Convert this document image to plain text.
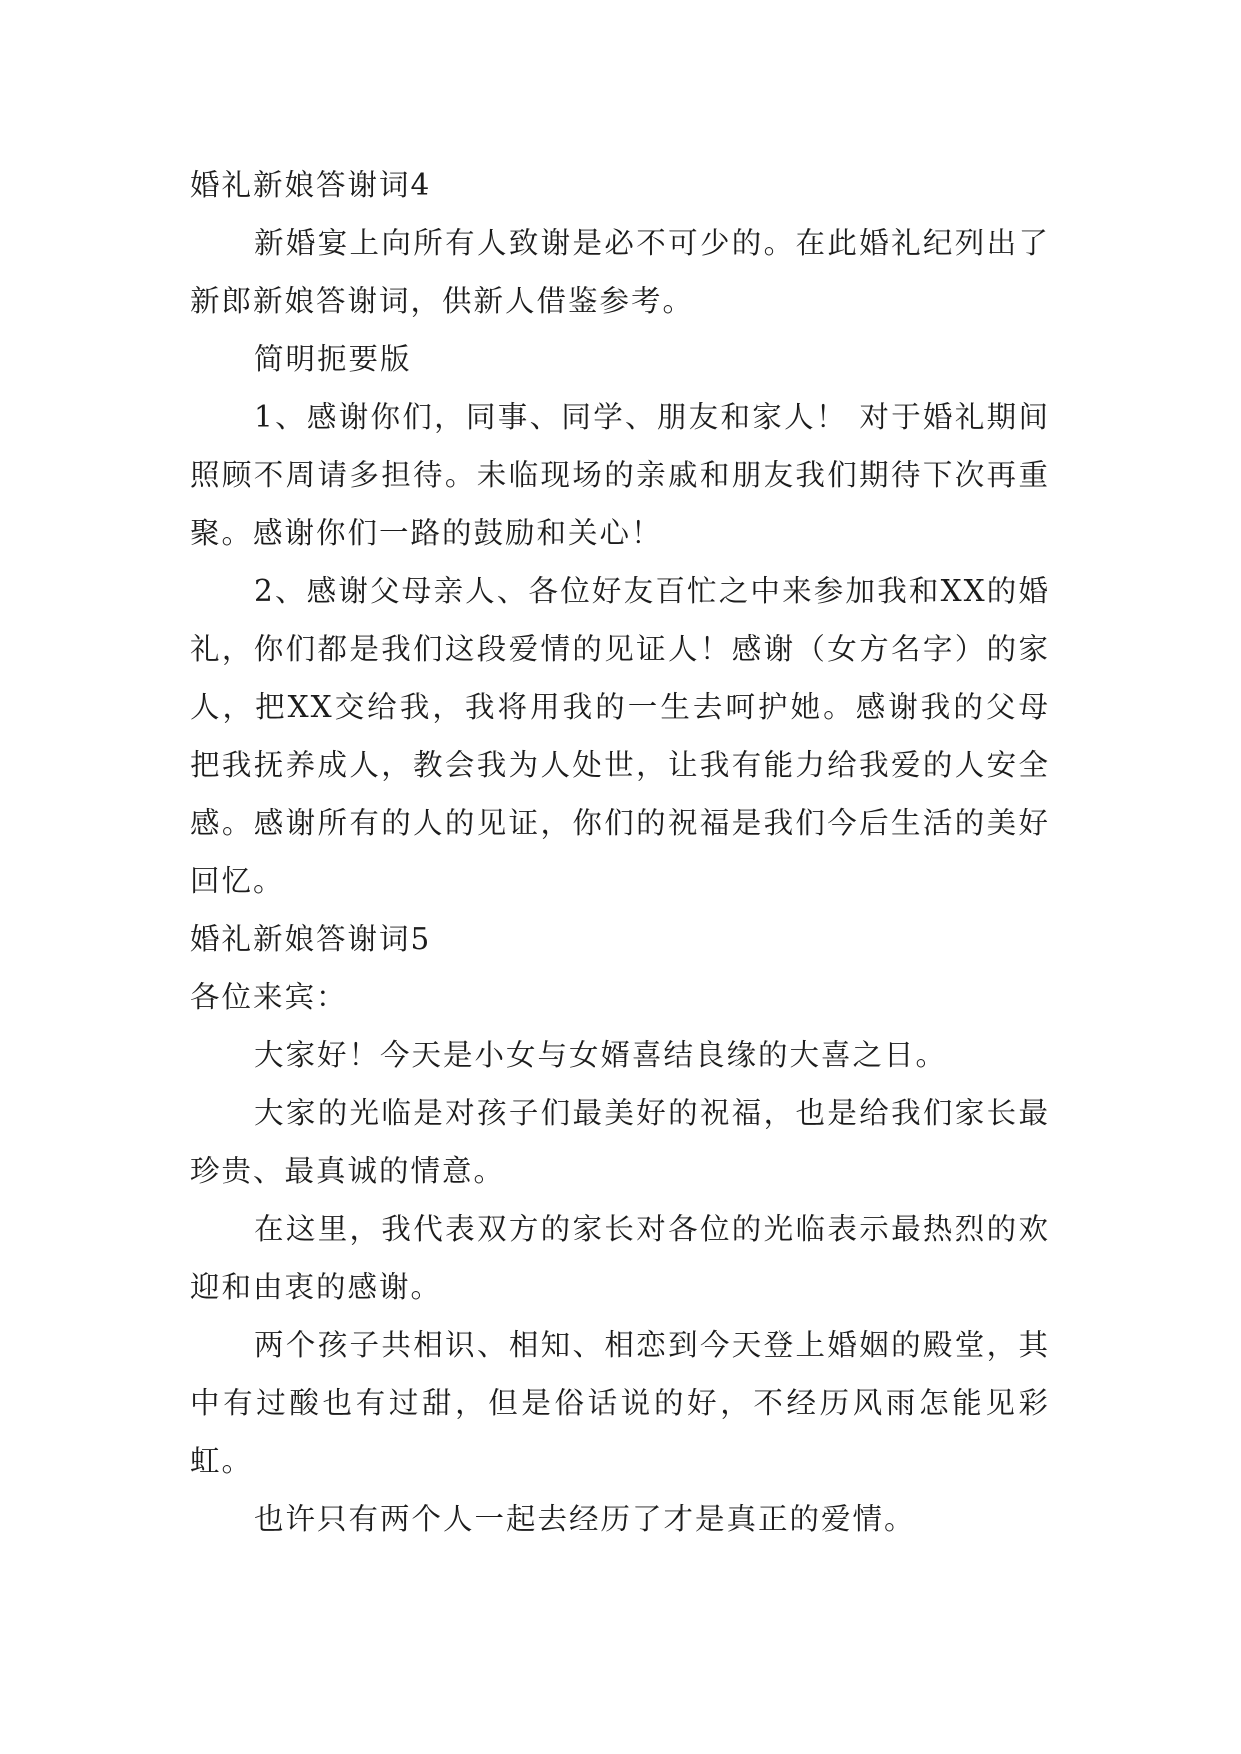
婚礼新娘答谢词4

新婚宴上向所有人致谢是必不可少的。在此婚礼纪列出了新郎新娘答谢词，供新人借鉴参考。

简明扼要版

1、感谢你们，同事、同学、朋友和家人！ 对于婚礼期间照顾不周请多担待。未临现场的亲戚和朋友我们期待下次再重聚。感谢你们一路的鼓励和关心！

2、感谢父母亲人、各位好友百忙之中来参加我和XX的婚礼，你们都是我们这段爱情的见证人！感谢（女方名字）的家人，把XX交给我，我将用我的一生去呵护她。感谢我的父母把我抚养成人，教会我为人处世，让我有能力给我爱的人安全感。感谢所有的人的见证，你们的祝福是我们今后生活的美好回忆。

婚礼新娘答谢词5

各位来宾：

大家好！今天是小女与女婿喜结良缘的大喜之日。

大家的光临是对孩子们最美好的祝福，也是给我们家长最珍贵、最真诚的情意。

在这里，我代表双方的家长对各位的光临表示最热烈的欢迎和由衷的感谢。

两个孩子共相识、相知、相恋到今天登上婚姻的殿堂，其中有过酸也有过甜，但是俗话说的好，不经历风雨怎能见彩虹。

也许只有两个人一起去经历了才是真正的爱情。
